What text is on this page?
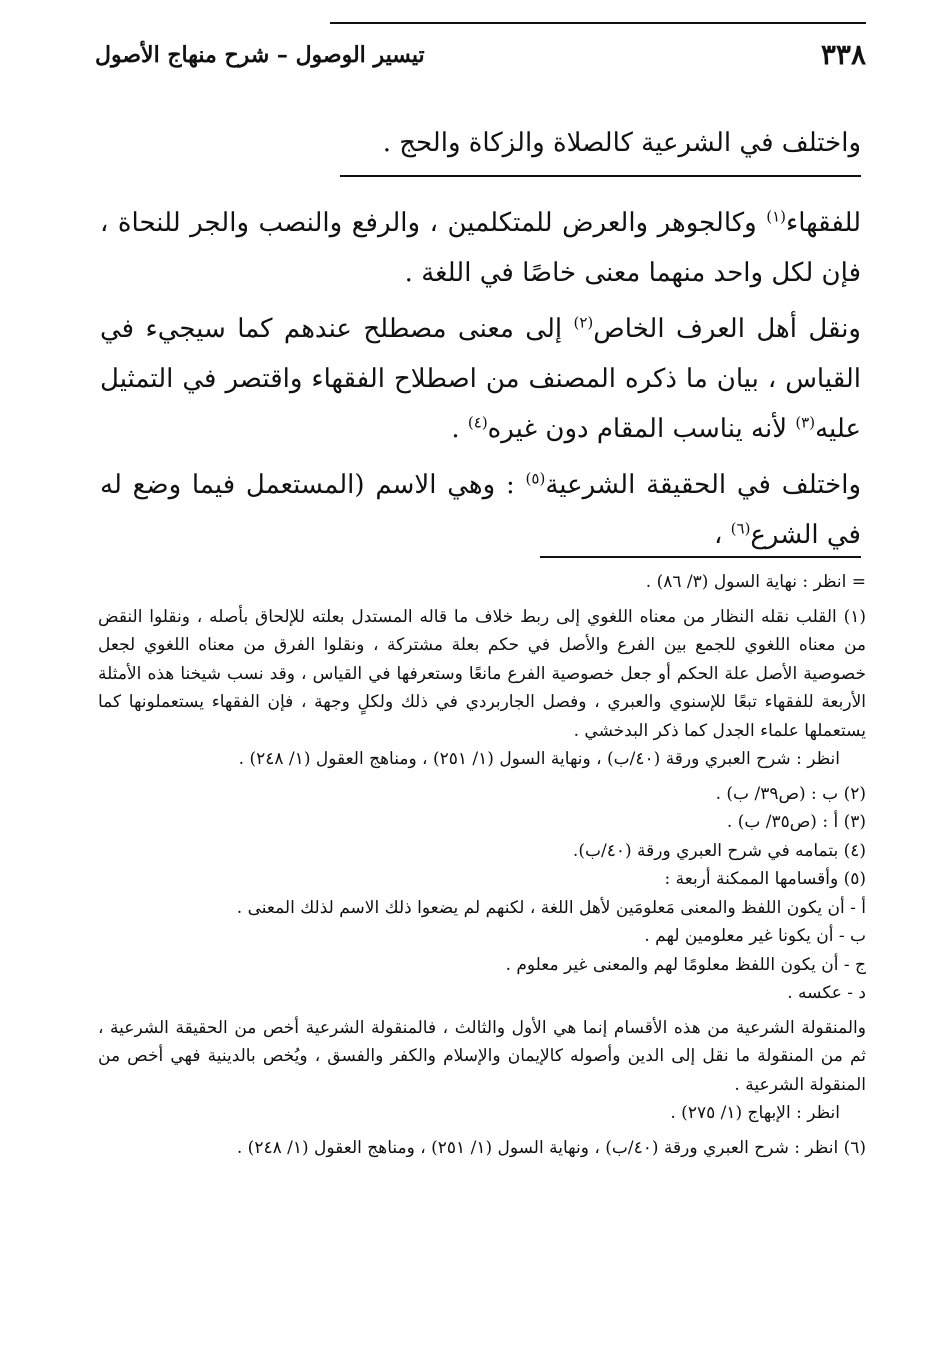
٣٣٨
تيسير الوصول – شرح منهاج الأصول

واختلف في الشرعية كالصلاة والزكاة والحج .

للفقهاء$^{(١)}$ وكالجوهر والعرض للمتكلمين ، والرفع والنصب والجر للنحاة ، فإن لكل واحد منهما معنى خاصًا في اللغة .

ونقل أهل العرف الخاص$^{(٢)}$ إلى معنى مصطلح عندهم كما سيجيء في القياس ، بيان ما ذكره المصنف من اصطلاح الفقهاء واقتصر في التمثيل عليه$^{(٣)}$ لأنه يناسب المقام دون غيره$^{(٤)}$ .

واختلف في الحقيقة الشرعية$^{(٥)}$ : وهي الاسم (المستعمل فيما وضع له في الشرع$^{(٦)}$ ،

= انظر : نهاية السول (٣/ ٨٦) .

(١) القلب نقله النظار من معناه اللغوي إلى ربط خلاف ما قاله المستدل بعلته للإلحاق بأصله ، ونقلوا النقض من معناه اللغوي للجمع بين الفرع والأصل في حكم بعلة مشتركة ، ونقلوا الفرق من معناه اللغوي لجعل خصوصية الأصل علة الحكم أو جعل خصوصية الفرع مانعًا وستعرفها في القياس ، وقد نسب شيخنا هذه الأمثلة الأربعة للفقهاء تبعًا للإسنوي والعبري ، وفصل الجاربردي في ذلك ولكلٍ وجهة ، فإن الفقهاء يستعملونها كما يستعملها علماء الجدل كما ذكر البدخشي .

انظر : شرح العبري ورقة (٤٠/ب) ، ونهاية السول (١/ ٢٥١) ، ومناهج العقول (١/ ٢٤٨) .

(٢) ب : (ص٣٩/ ب) .

(٣) أ : (ص٣٥/ ب) .

(٤) بتمامه في شرح العبري ورقة (٤٠/ب).

(٥) وأقسامها الممكنة أربعة :

أ - أن يكون اللفظ والمعنى مَعلومَين لأهل اللغة ، لكنهم لم يضعوا ذلك الاسم لذلك المعنى .

ب - أن يكونا غير معلومين لهم .

ج - أن يكون اللفظ معلومًا لهم والمعنى غير معلوم .

د - عكسه .

والمنقولة الشرعية من هذه الأقسام إنما هي الأول والثالث ، فالمنقولة الشرعية أخص من الحقيقة الشرعية ، ثم من المنقولة ما نقل إلى الدين وأصوله كالإيمان والإسلام والكفر والفسق ، ويُخص بالدينية فهي أخص من المنقولة الشرعية .

انظر : الإبهاج (١/ ٢٧٥) .

(٦) انظر : شرح العبري ورقة (٤٠/ب) ، ونهاية السول (١/ ٢٥١) ، ومناهج العقول (١/ ٢٤٨) .
